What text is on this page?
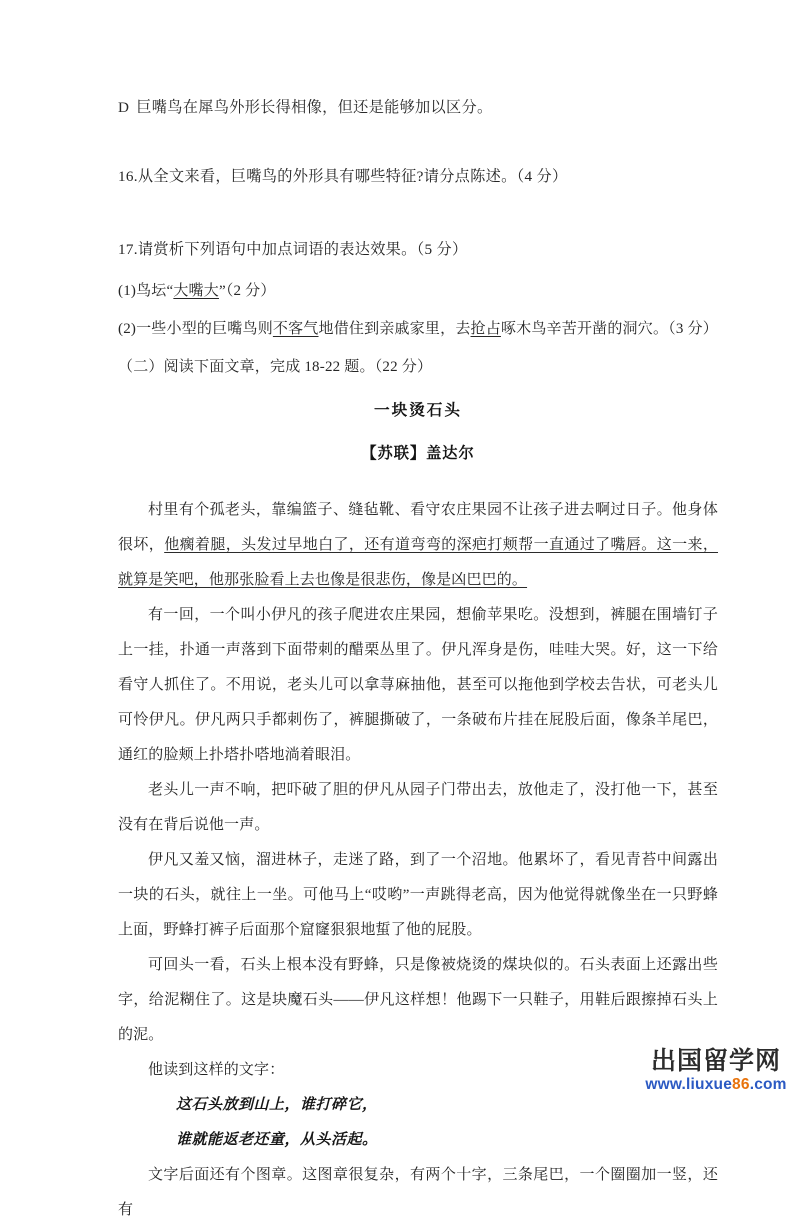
D 巨嘴鸟在犀鸟外形长得相像，但还是能够加以区分。
16.从全文来看，巨嘴鸟的外形具有哪些特征?请分点陈述。（4 分）
17.请赏析下列语句中加点词语的表达效果。（5 分）
(1)鸟坛“大嘴大”（2 分）
(2)一些小型的巨嘴鸟则不客气地借住到亲戚家里，去抢占啄木鸟辛苦开凿的洞穴。（3 分）
（二）阅读下面文章，完成 18-22 题。（22 分）
一块烫石头
【苏联】盖达尔

村里有个孤老头，靠编篮子、缝毡靴、看守农庄果园不让孩子进去啊过日子。他身体很坏，他瘸着腿，头发过早地白了，还有道弯弯的深疤打颊帮一直通过了嘴唇。这一来，就算是笑吧，他那张脸看上去也像是很悲伤，像是凶巴巴的。

有一回，一个叫小伊凡的孩子爬进农庄果园，想偷苹果吃。没想到，裤腿在围墙钉子上一挂，扑通一声落到下面带刺的醋栗丛里了。伊凡浑身是伤，哇哇大哭。好，这一下给看守人抓住了。不用说，老头儿可以拿荨麻抽他，甚至可以拖他到学校去告状，可老头儿可怜伊凡。伊凡两只手都刺伤了，裤腿撕破了，一条破布片挂在屁股后面，像条羊尾巴，通红的脸颊上扑塔扑嗒地淌着眼泪。

老头儿一声不响，把吓破了胆的伊凡从园子门带出去，放他走了，没打他一下，甚至没有在背后说他一声。

伊凡又羞又恼，溜进林子，走迷了路，到了一个沼地。他累坏了，看见青苔中间露出一块的石头，就往上一坐。可他马上“哎哟”一声跳得老高，因为他觉得就像坐在一只野蜂上面，野蜂打裤子后面那个窟窿狠狠地蜇了他的屁股。

可回头一看，石头上根本没有野蜂，只是像被烧烫的煤块似的。石头表面上还露出些字，给泥糊住了。这是块魔石头——伊凡这样想！他踢下一只鞋子，用鞋后跟擦掉石头上的泥。

他读到这样的文字：

这石头放到山上，谁打碎它，

谁就能返老还童，从头活起。

文字后面还有个图章。这图章很复杂，有两个十字，三条尾巴，一个圈圈加一竖，还有

出国留学网
www.liuxue86.com
